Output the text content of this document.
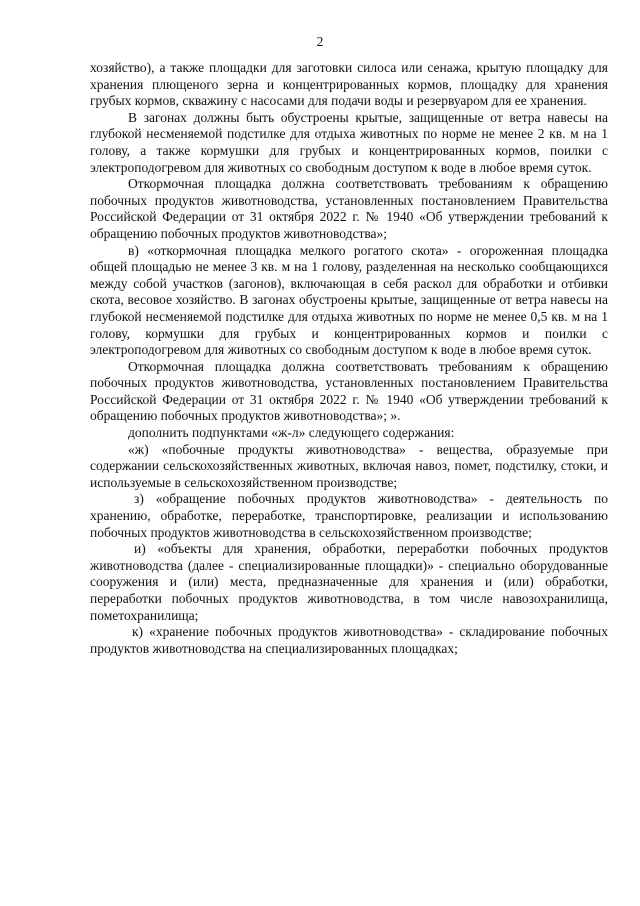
2

хозяйство), а также площадки для заготовки силоса или сенажа, крытую площадку для хранения плющеного зерна и концентрированных кормов, площадку для хранения грубых кормов, скважину с насосами для подачи воды и резервуаром для ее хранения.

В загонах должны быть обустроены крытые, защищенные от ветра навесы на глубокой несменяемой подстилке для отдыха животных по норме не менее 2 кв. м на 1 голову, а также кормушки для грубых и концентрированных кормов, поилки с электроподогревом для животных со свободным доступом к воде в любое время суток.

Откормочная площадка должна соответствовать требованиям к обращению побочных продуктов животноводства, установленных постановлением Правительства Российской Федерации от 31 октября 2022 г. № 1940 «Об утверждении требований к обращению побочных продуктов животноводства»;

в) «откормочная площадка мелкого рогатого скота» - огороженная площадка общей площадью не менее 3 кв. м на 1 голову, разделенная на несколько сообщающихся между собой участков (загонов), включающая в себя раскол для обработки и отбивки скота, весовое хозяйство. В загонах обустроены крытые, защищенные от ветра навесы на глубокой несменяемой подстилке для отдыха животных по норме не менее 0,5 кв. м на 1 голову, кормушки для грубых и концентрированных кормов и поилки с электроподогревом для животных со свободным доступом к воде в любое время суток.

Откормочная площадка должна соответствовать требованиям к обращению побочных продуктов животноводства, установленных постановлением Правительства Российской Федерации от 31 октября 2022 г. № 1940 «Об утверждении требований к обращению побочных продуктов животноводства»; ».

дополнить подпунктами «ж-л» следующего содержания:

«ж) «побочные продукты животноводства» - вещества, образуемые при содержании сельскохозяйственных животных, включая навоз, помет, подстилку, стоки, и используемые в сельскохозяйственном производстве;

з) «обращение побочных продуктов животноводства» - деятельность по хранению, обработке, переработке, транспортировке, реализации и использованию побочных продуктов животноводства в сельскохозяйственном производстве;

и) «объекты для хранения, обработки, переработки побочных продуктов животноводства (далее - специализированные площадки)» - специально оборудованные сооружения и (или) места, предназначенные для хранения и (или) обработки, переработки побочных продуктов животноводства, в том числе навозохранилища, пометохранилища;

к) «хранение побочных продуктов животноводства» - складирование побочных продуктов животноводства на специализированных площадках;
